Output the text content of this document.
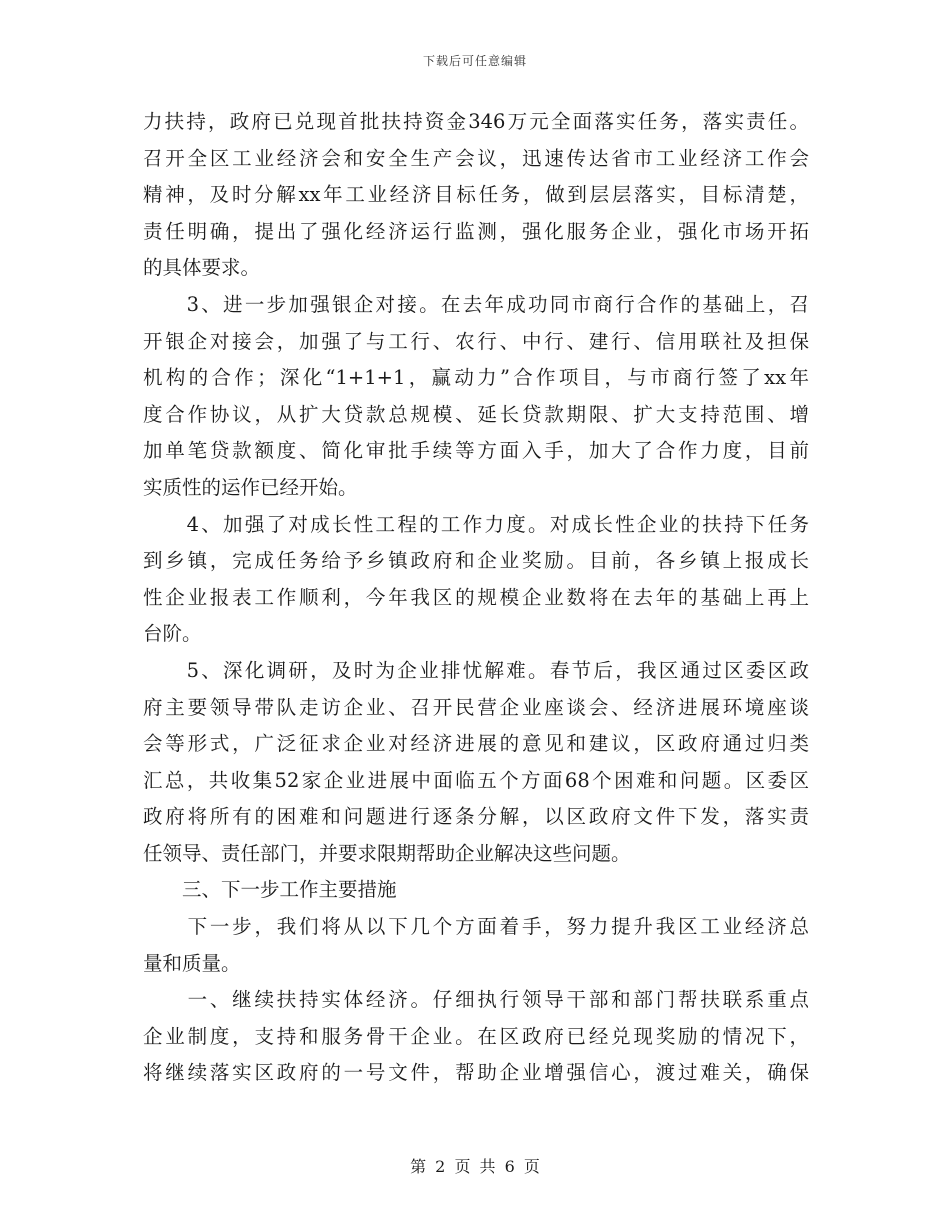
下载后可任意编辑
力扶持，政府已兑现首批扶持资金346万元全面落实任务，落实责任。
召开全区工业经济会和安全生产会议，迅速传达省市工业经济工作会
精神，及时分解xx年工业经济目标任务，做到层层落实，目标清楚，
责任明确，提出了强化经济运行监测，强化服务企业，强化市场开拓
的具体要求。
　　3、进一步加强银企对接。在去年成功同市商行合作的基础上，召
开银企对接会，加强了与工行、农行、中行、建行、信用联社及担保
机构的合作；深化“1+1+1，赢动力”合作项目，与市商行签了xx年
度合作协议，从扩大贷款总规模、延长贷款期限、扩大支持范围、增
加单笔贷款额度、简化审批手续等方面入手，加大了合作力度，目前
实质性的运作已经开始。
　　4、加强了对成长性工程的工作力度。对成长性企业的扶持下任务
到乡镇，完成任务给予乡镇政府和企业奖励。目前，各乡镇上报成长
性企业报表工作顺利，今年我区的规模企业数将在去年的基础上再上
台阶。
　　5、深化调研，及时为企业排忧解难。春节后，我区通过区委区政
府主要领导带队走访企业、召开民营企业座谈会、经济进展环境座谈
会等形式，广泛征求企业对经济进展的意见和建议，区政府通过归类
汇总，共收集52家企业进展中面临五个方面68个困难和问题。区委区
政府将所有的困难和问题进行逐条分解，以区政府文件下发，落实责
任领导、责任部门，并要求限期帮助企业解决这些问题。
　　三、下一步工作主要措施
　　下一步，我们将从以下几个方面着手，努力提升我区工业经济总
量和质量。
　　一、继续扶持实体经济。仔细执行领导干部和部门帮扶联系重点
企业制度，支持和服务骨干企业。在区政府已经兑现奖励的情况下，
将继续落实区政府的一号文件，帮助企业增强信心，渡过难关，确保
第 2 页 共 6 页
